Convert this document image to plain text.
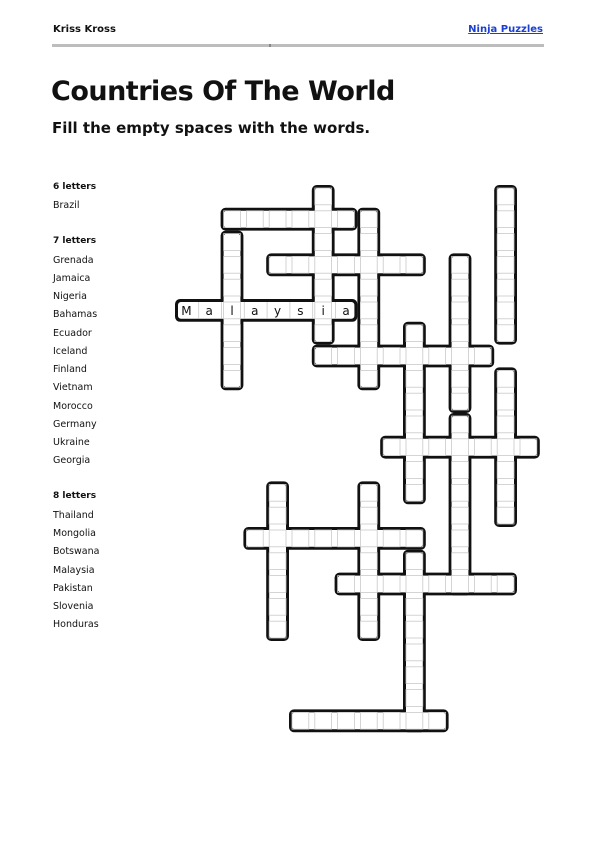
Kriss Kross	Ninja Puzzles
Countries Of The World
Fill the empty spaces with the words.
6 letters
Brazil
7 letters
Grenada
Jamaica
Nigeria
Bahamas
Ecuador
Iceland
Finland
Vietnam
Morocco
Germany
Ukraine
Georgia
8 letters
Thailand
Mongolia
Botswana
Malaysia
Pakistan
Slovenia
Honduras
M a l a y s i a
